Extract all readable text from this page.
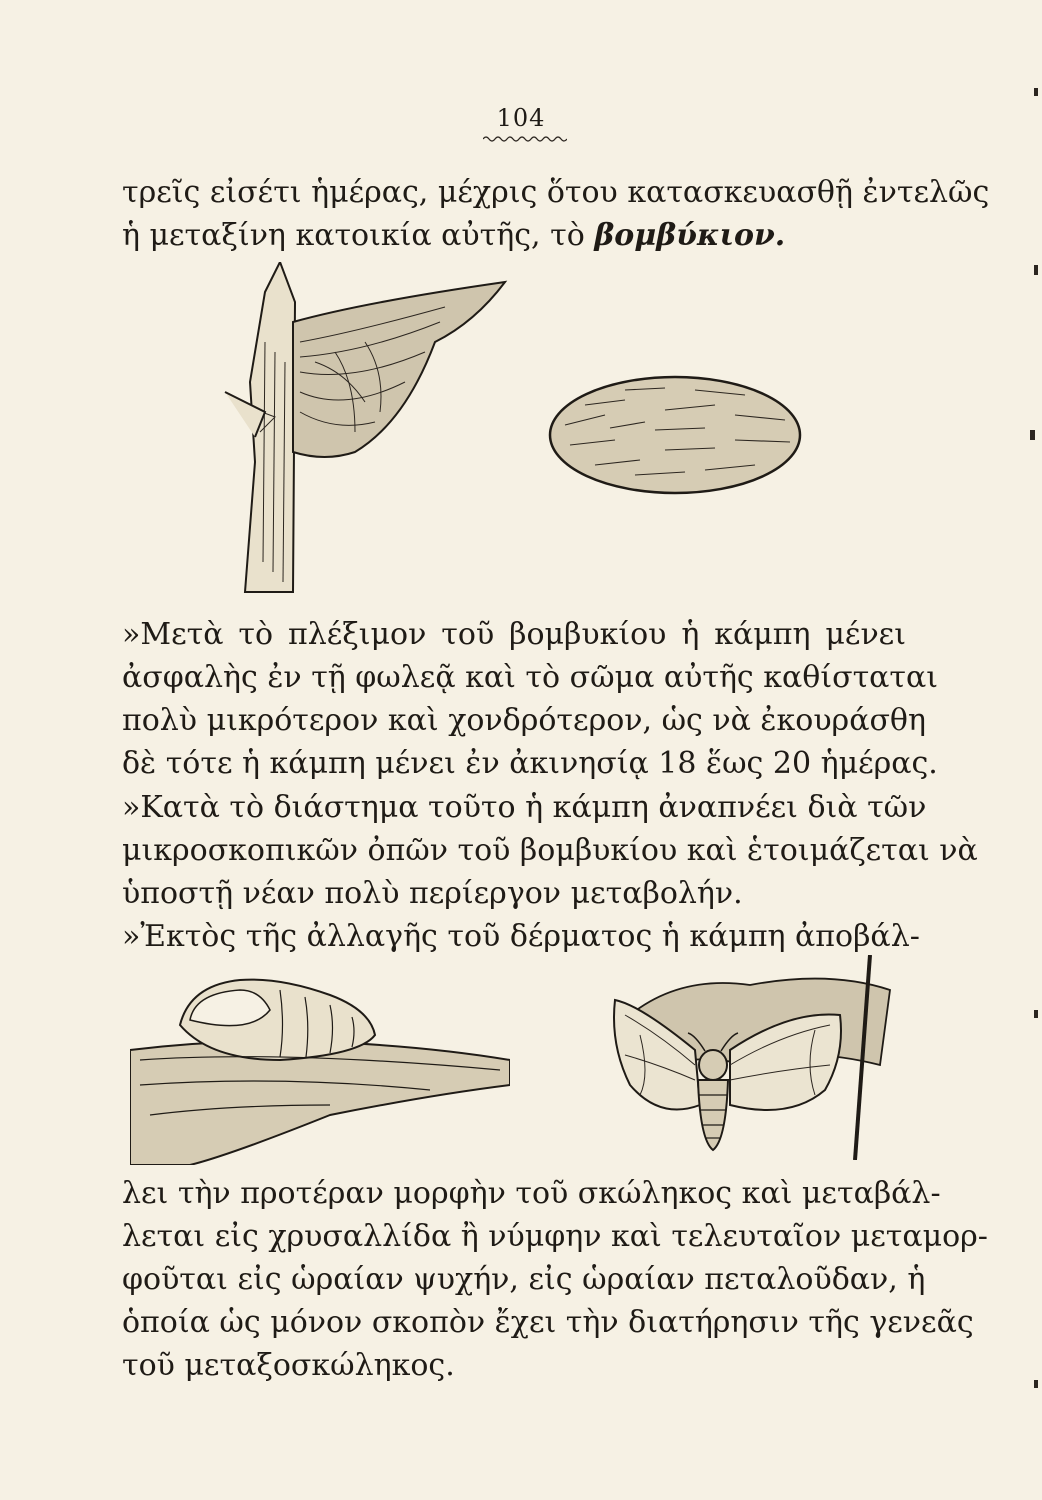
104
τρεῖς εἰσέτι ἡμέρας, μέχρις ὅτου κατασκευασθῇ ἐντελῶς
ἡ μεταξίνη κατοικία αὐτῆς, τὸ βομβύκιον.
»Μετὰ τὸ πλέξιμον τοῦ βομβυκίου ἡ κάμπη μένει
ἀσφαλὴς ἐν τῇ φωλεᾷ καὶ τὸ σῶμα αὐτῆς καθίσταται
πολὺ μικρότερον καὶ χονδρότερον, ὡς νὰ ἐκουράσθη
δὲ τότε ἡ κάμπη μένει ἐν ἀκινησίᾳ 18 ἕως 20 ἡμέρας.
»Κατὰ τὸ διάστημα τοῦτο ἡ κάμπη ἀναπνέει διὰ τῶν
μικροσκοπικῶν ὀπῶν τοῦ βομβυκίου καὶ ἑτοιμάζεται νὰ
ὑποστῇ νέαν πολὺ περίεργον μεταβολήν.
»Ἐκτὸς τῆς ἀλλαγῆς τοῦ δέρματος ἡ κάμπη ἀποβάλ-
λει τὴν προτέραν μορφὴν τοῦ σκώληκος καὶ μεταβάλ-
λεται εἰς χρυσαλλίδα ἢ νύμφην καὶ τελευταῖον μεταμορ-
φοῦται εἰς ὡραίαν ψυχήν, εἰς ὡραίαν πεταλοῦδαν, ἡ
ὁποία ὡς μόνον σκοπὸν ἔχει τὴν διατήρησιν τῆς γενεᾶς
τοῦ μεταξοσκώληκος.
